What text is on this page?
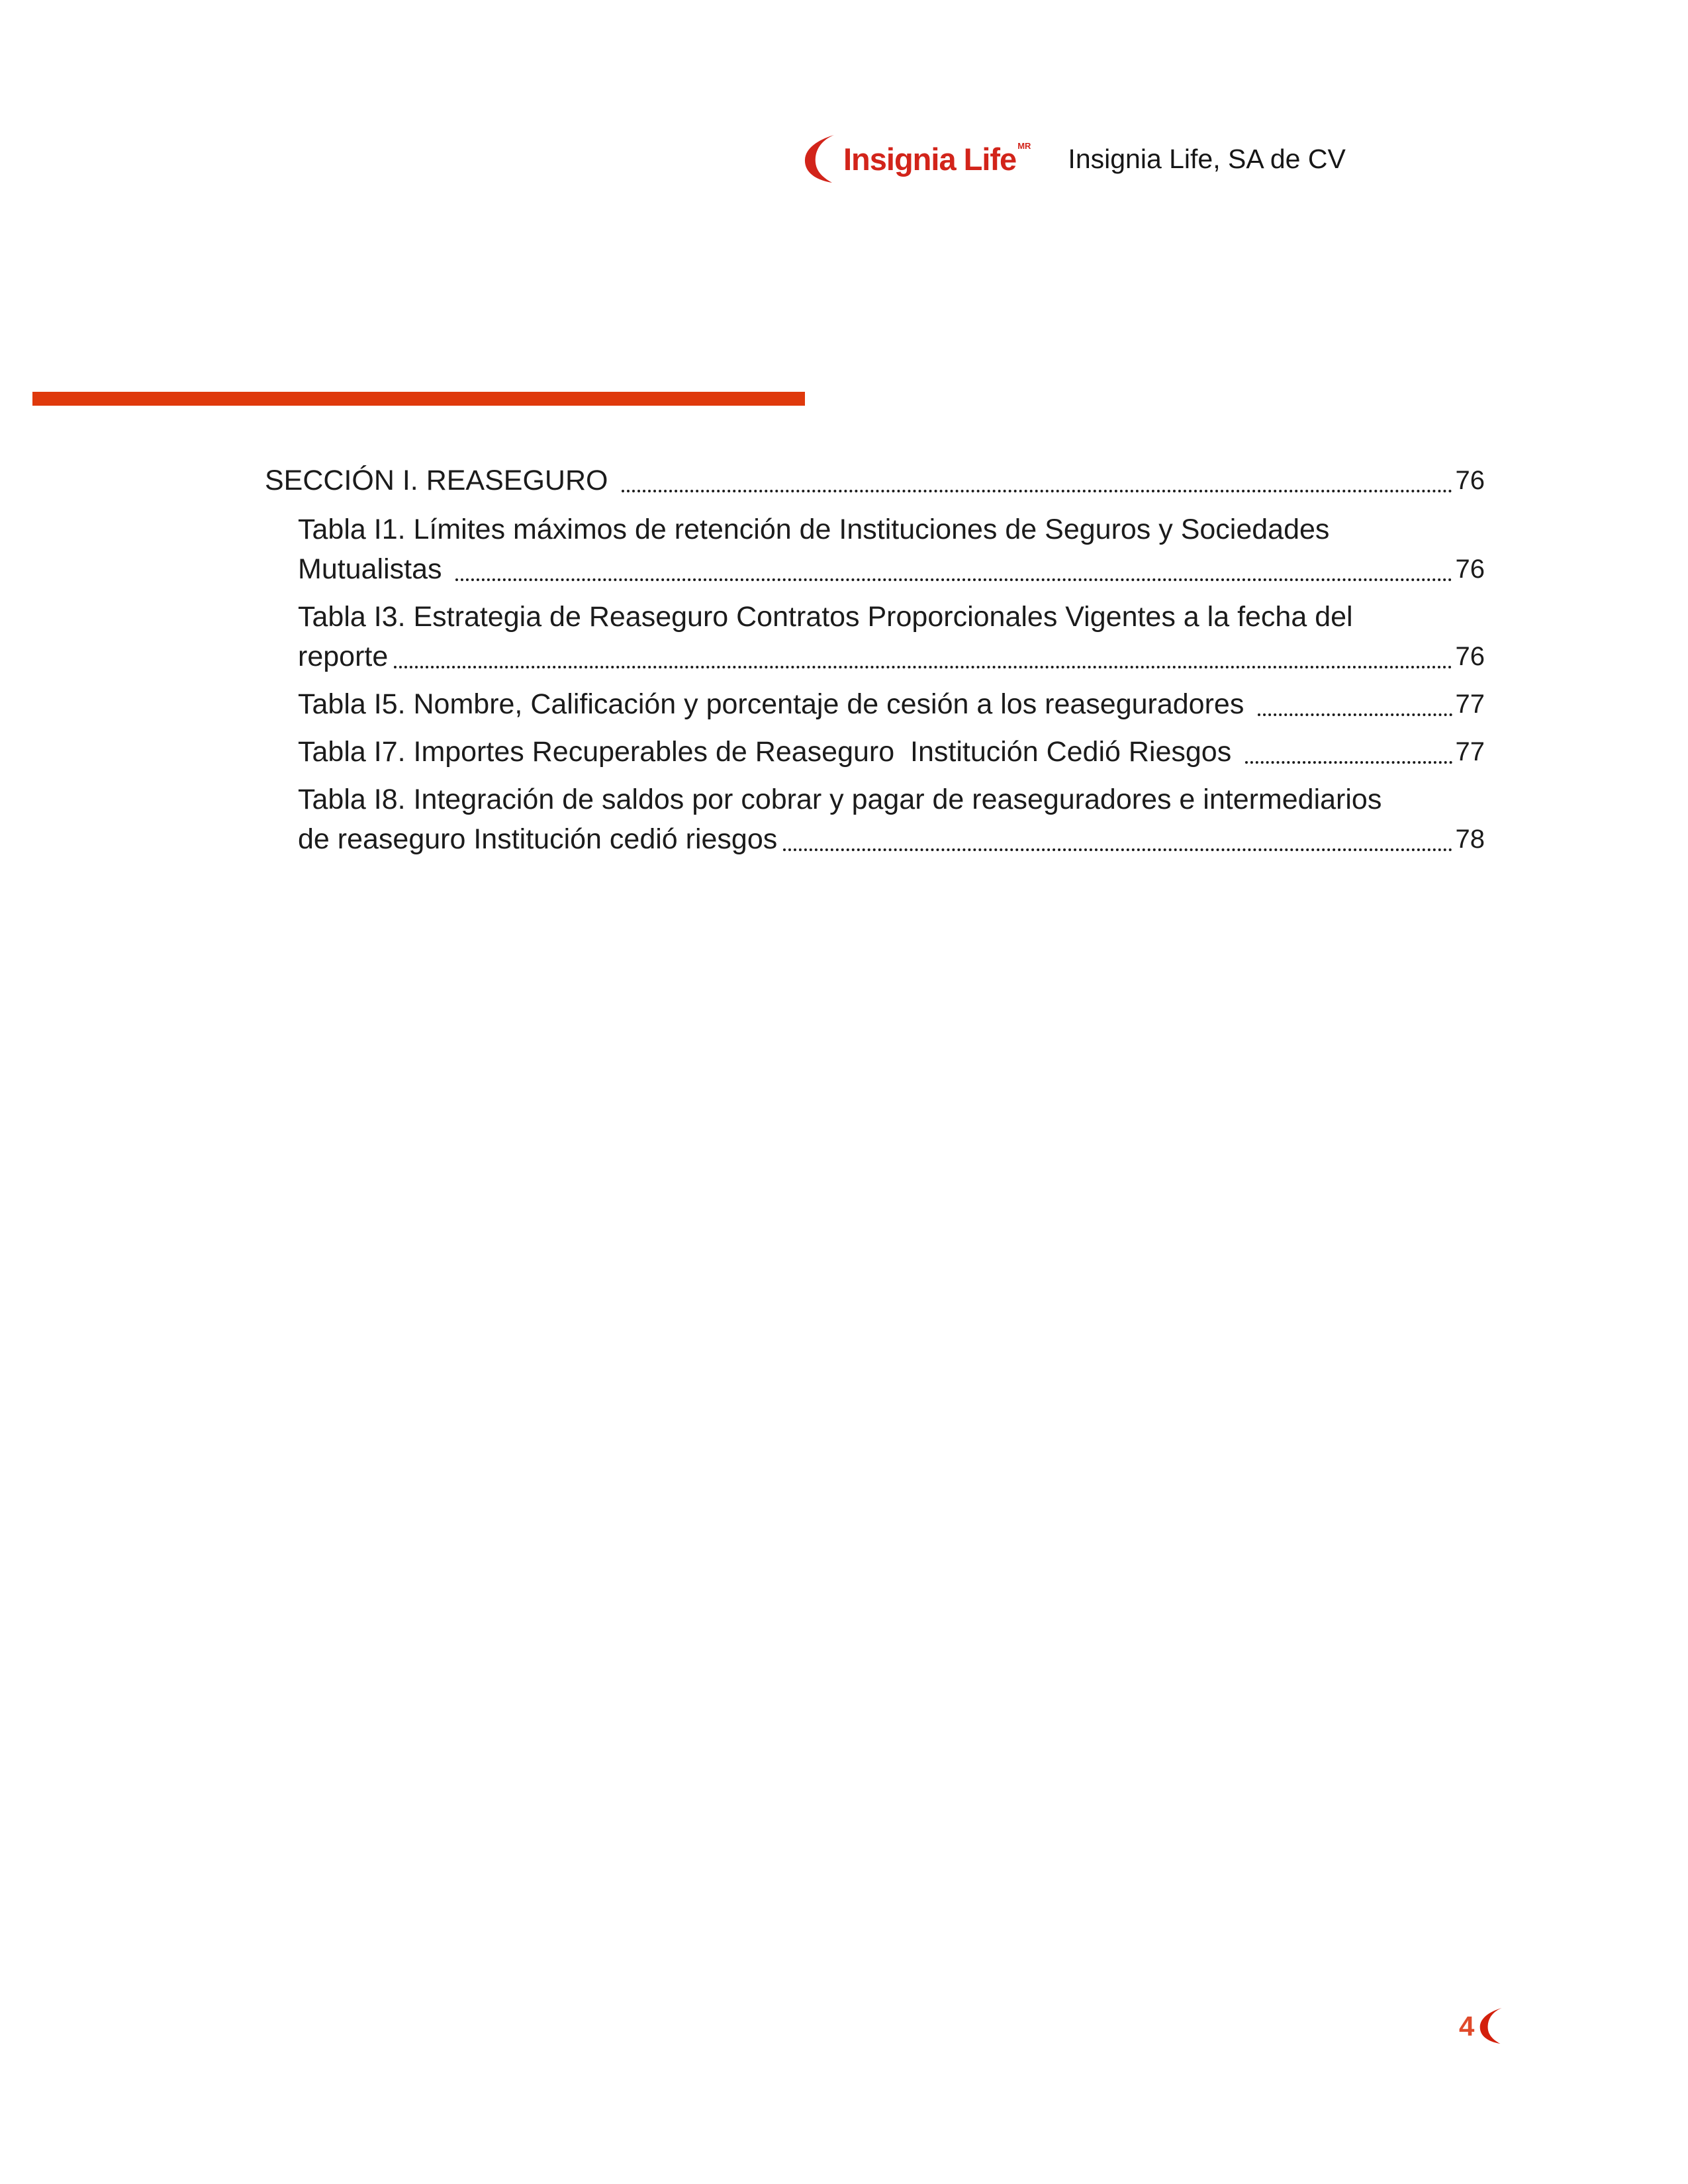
Insignia Life MR Insignia Life, SA de CV
SECCIÓN I. REASEGURO	76
Tabla I1. Límites máximos de retención de Instituciones de Seguros y Sociedades
Mutualistas	76
Tabla I3. Estrategia de Reaseguro Contratos Proporcionales Vigentes a la fecha del
reporte	76
Tabla I5. Nombre, Calificación y porcentaje de cesión a los reaseguradores	77
Tabla I7. Importes Recuperables de Reaseguro  Institución Cedió Riesgos	77
Tabla I8. Integración de saldos por cobrar y pagar de reaseguradores e intermediarios
de reaseguro Institución cedió riesgos	78
4
